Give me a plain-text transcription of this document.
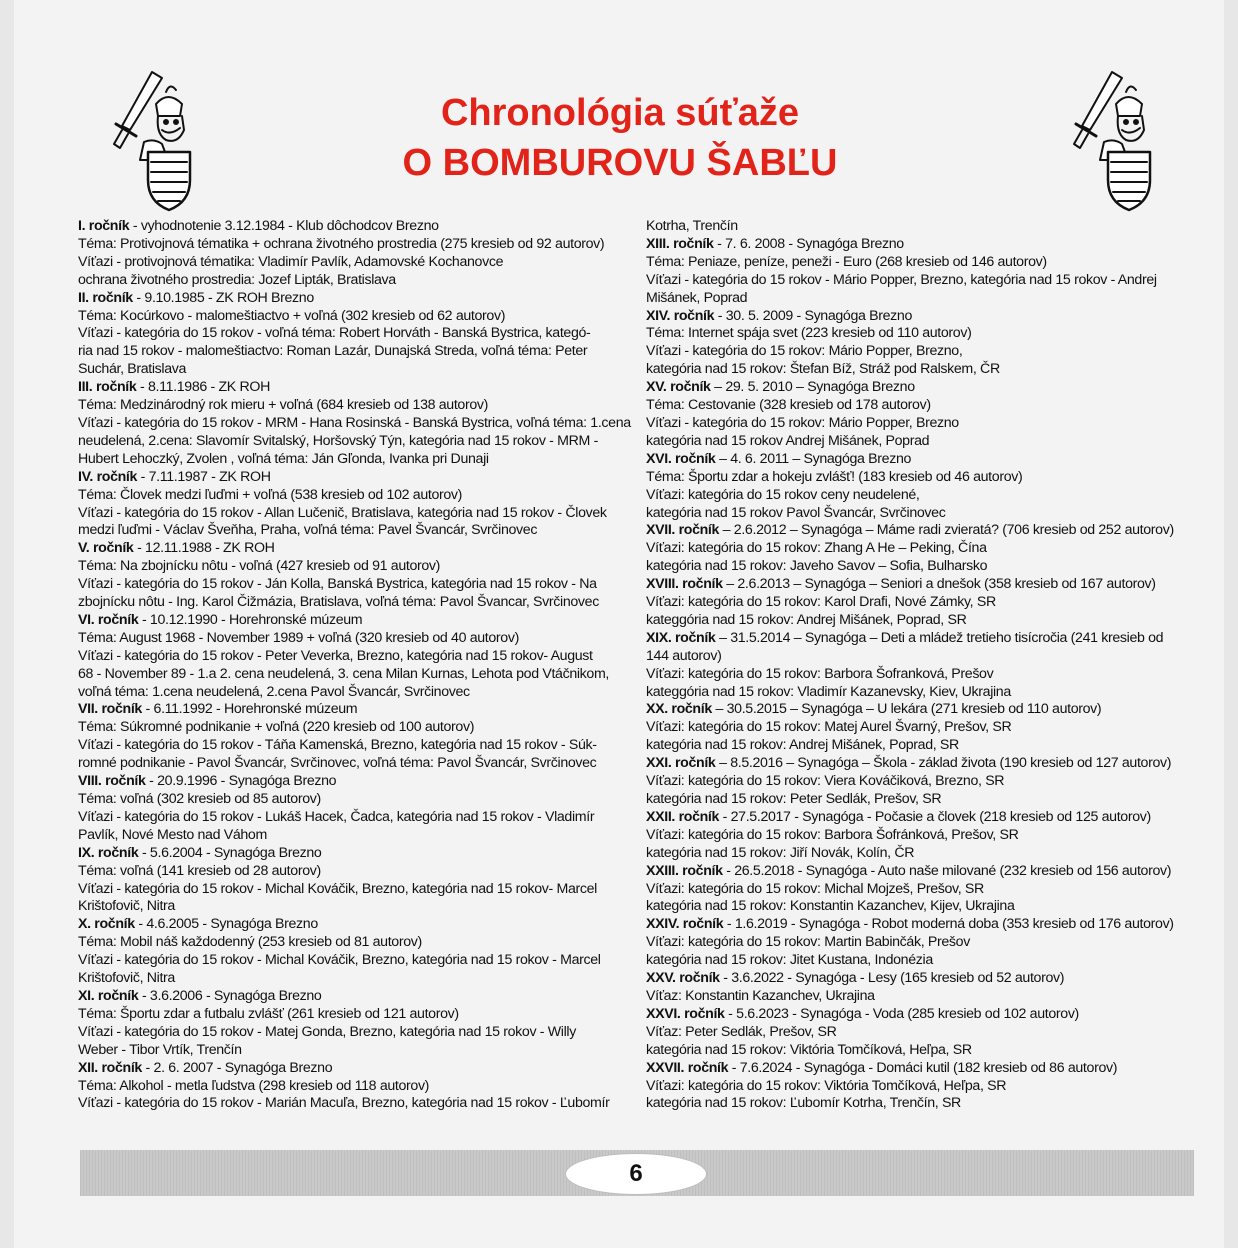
Chronológia súťaže
O BOMBUROVU ŠABĽU
I. ročník - vyhodnotenie 3.12.1984 - Klub dôchodcov Brezno
Téma: Protivojnová tématika + ochrana životného prostredia (275 kresieb od 92 autorov)
Víťazi - protivojnová tématika: Vladimír Pavlík, Adamovské Kochanovce
ochrana životného prostredia: Jozef Lipták, Bratislava
II. ročník - 9.10.1985 - ZK ROH Brezno
Téma: Kocúrkovo - malomeštiactvo + voľná (302 kresieb od 62 autorov)
Víťazi - kategória do 15 rokov - voľná téma: Robert Horváth - Banská Bystrica, kategó-
ria nad 15 rokov - malomeštiactvo: Roman Lazár, Dunajská Streda, voľná téma: Peter
Suchár, Bratislava
III. ročník - 8.11.1986 - ZK ROH
Téma: Medzinárodný rok mieru + voľná (684 kresieb od 138 autorov)
Víťazi - kategória do 15 rokov - MRM - Hana Rosinská - Banská Bystrica, voľná téma: 1.cena
neudelená, 2.cena: Slavomír Svitalský, Horšovský Týn, kategória nad 15 rokov - MRM -
Hubert Lehoczký, Zvolen , voľná téma: Ján Gľonda, Ivanka pri Dunaji
IV. ročník - 7.11.1987 - ZK ROH
Téma: Človek medzi ľuďmi + voľná (538 kresieb od 102 autorov)
Víťazi - kategória do 15 rokov - Allan Lučenič, Bratislava, kategória nad 15 rokov - Človek
medzi ľuďmi - Václav Šveňha, Praha, voľná téma: Pavel Švancár, Svrčinovec
V. ročník - 12.11.1988 - ZK ROH
Téma: Na zbojnícku nôtu - voľná (427 kresieb od 91 autorov)
Víťazi - kategória do 15 rokov - Ján Kolla, Banská Bystrica, kategória nad 15 rokov - Na
zbojnícku nôtu - Ing. Karol Čižmázia, Bratislava, voľná téma: Pavol Švancar, Svrčinovec
VI. ročník - 10.12.1990 - Horehronské múzeum
Téma: August 1968 - November 1989 + voľná (320 kresieb od 40 autorov)
Víťazi - kategória do 15 rokov - Peter Veverka, Brezno, kategória nad 15 rokov- August
68 - November 89 - 1.a 2. cena neudelená, 3. cena Milan Kurnas, Lehota pod Vtáčnikom,
voľná téma: 1.cena neudelená, 2.cena Pavol Švancár, Svrčinovec
VII. ročník - 6.11.1992 - Horehronské múzeum
Téma: Súkromné podnikanie + voľná (220 kresieb od 100 autorov)
Víťazi - kategória do 15 rokov - Táňa Kamenská, Brezno, kategória nad 15 rokov - Súk-
romné podnikanie - Pavol Švancár, Svrčinovec, voľná téma: Pavol Švancár, Svrčinovec
VIII. ročník - 20.9.1996 - Synagóga Brezno
Téma: voľná (302 kresieb od 85 autorov)
Víťazi - kategória do 15 rokov - Lukáš Hacek, Čadca, kategória nad 15 rokov - Vladimír
Pavlík, Nové Mesto nad Váhom
IX. ročník - 5.6.2004 - Synagóga Brezno
Téma: voľná (141 kresieb od 28 autorov)
Víťazi - kategória do 15 rokov - Michal Kováčik, Brezno, kategória nad 15 rokov- Marcel
Krištofovič, Nitra
X. ročník - 4.6.2005 - Synagóga Brezno
Téma: Mobil náš každodenný (253 kresieb od 81 autorov)
Víťazi - kategória do 15 rokov - Michal Kováčik, Brezno, kategória nad 15 rokov - Marcel
Krištofovič, Nitra
XI. ročník - 3.6.2006 - Synagóga Brezno
Téma: Športu zdar a futbalu zvlášť (261 kresieb od 121 autorov)
Víťazi - kategória do 15 rokov - Matej Gonda, Brezno, kategória nad 15 rokov - Willy
Weber - Tibor Vrtík, Trenčín
XII. ročník - 2. 6. 2007 - Synagóga Brezno
Téma: Alkohol - metla ľudstva (298 kresieb od 118 autorov)
Víťazi - kategória do 15 rokov - Marián Macuľa, Brezno, kategória nad 15 rokov - Ľubomír
Kotrha, Trenčín
XIII. ročník - 7. 6. 2008 - Synagóga Brezno
Téma: Peniaze, peníze, peneži - Euro (268 kresieb od 146 autorov)
Víťazi - kategória do 15 rokov - Mário Popper, Brezno, kategória nad 15 rokov - Andrej
Mišánek, Poprad
XIV. ročník - 30. 5. 2009 - Synagóga Brezno
Téma: Internet spája svet (223 kresieb od 110 autorov)
Víťazi - kategória do 15 rokov: Mário Popper, Brezno,
kategória nad 15 rokov: Štefan Bíž, Stráž pod Ralskem, ČR
XV. ročník – 29. 5. 2010 – Synagóga Brezno
Téma: Cestovanie (328 kresieb od 178 autorov)
Víťazi - kategória do 15 rokov: Mário Popper, Brezno
kategória nad 15 rokov Andrej Mišánek, Poprad
XVI. ročník – 4. 6. 2011 – Synagóga Brezno
Téma: Športu zdar a hokeju zvlášť! (183 kresieb od 46 autorov)
Víťazi: kategória do 15 rokov ceny neudelené,
kategória nad 15 rokov Pavol Švancár, Svrčinovec
XVII. ročník – 2.6.2012 – Synagóga – Máme radi zvieratá? (706 kresieb od 252 autorov)
Víťazi: kategória do 15 rokov: Zhang A He – Peking, Čína
kategória nad 15 rokov: Javeho Savov – Sofia, Bulharsko
XVIII. ročník – 2.6.2013 – Synagóga – Seniori a dnešok (358 kresieb od 167 autorov)
Víťazi: kategória do 15 rokov: Karol Drafi, Nové Zámky, SR
kateggória nad 15 rokov: Andrej Mišánek, Poprad, SR
XIX. ročník – 31.5.2014 – Synagóga – Deti a mládež tretieho tisícročia (241 kresieb od
144 autorov)
Víťazi: kategória do 15 rokov: Barbora Šofranková, Prešov
kateggória nad 15 rokov: Vladimír Kazanevsky, Kiev, Ukrajina
XX. ročník – 30.5.2015 – Synagóga – U lekára (271 kresieb od 110 autorov)
Víťazi: kategória do 15 rokov: Matej Aurel Švarný, Prešov, SR
kategória nad 15 rokov: Andrej Mišánek, Poprad, SR
XXI. ročník – 8.5.2016 – Synagóga – Škola - základ života (190 kresieb od 127 autorov)
Víťazi: kategória do 15 rokov: Viera Kováčiková, Brezno, SR
kategória nad 15 rokov: Peter Sedlák, Prešov, SR
XXII. ročník - 27.5.2017 - Synagóga - Počasie a človek (218 kresieb od 125 autorov)
Víťazi: kategória do 15 rokov: Barbora Šofránková, Prešov, SR
kategória nad 15 rokov: Jiří Novák, Kolín, ČR
XXIII. ročník - 26.5.2018 - Synagóga - Auto naše milované (232 kresieb od 156 autorov)
Víťazi: kategória do 15 rokov: Michal Mojzeš, Prešov, SR
kategória nad 15 rokov: Konstantin Kazanchev, Kijev, Ukrajina
XXIV. ročník - 1.6.2019 - Synagóga - Robot moderná doba (353 kresieb od 176 autorov)
Víťazi: kategória do 15 rokov: Martin Babinčák, Prešov
kategória nad 15 rokov: Jitet Kustana, Indonézia
XXV. ročník - 3.6.2022 - Synagóga - Lesy (165 kresieb od 52 autorov)
Víťaz: Konstantin Kazanchev, Ukrajina
XXVI. ročník - 5.6.2023 - Synagóga - Voda (285 kresieb od 102 autorov)
Víťaz: Peter Sedlák, Prešov, SR
kategória nad 15 rokov: Viktória Tomčíková, Heľpa, SR
XXVII. ročník - 7.6.2024 - Synagóga - Domáci kutil (182 kresieb od 86 autorov)
Víťazi: kategória do 15 rokov: Viktória Tomčíková, Heľpa, SR
kategória nad 15 rokov: Ľubomír Kotrha, Trenčín, SR
6
